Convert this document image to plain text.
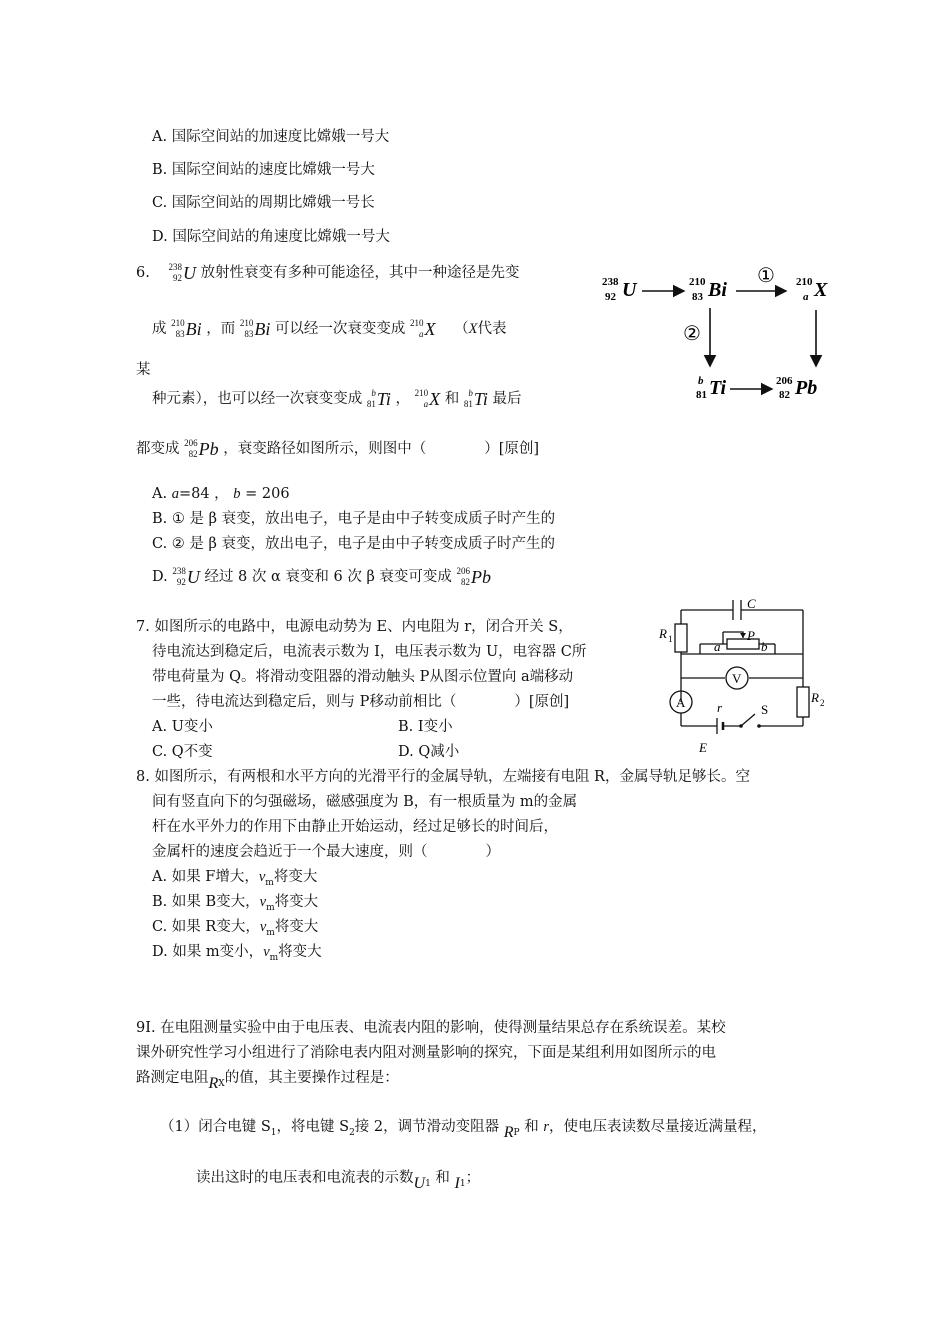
A. 国际空间站的加速度比嫦娥一号大
B. 国际空间站的速度比嫦娥一号大
C. 国际空间站的周期比嫦娥一号长
D. 国际空间站的角速度比嫦娥一号大
6. 238
92 U 放射性衰变有多种可能途径，其中一种途径是先变
成 210
83 Bi ，而 210
83 Bi 可以经一次衰变变成 210
a X （X代表
某
种元素），也可以经一次衰变变成	b
81 Ti ， 210
a X 和	b
81 Ti 最后
都变成 206
82 Pb ，衰变路径如图所示，则图中（　　　　）[原创]
A. a=84 ， b = 206
B. ① 是 β 衰变，放出电子，电子是由中子转变成质子时产生的
C. ② 是 β 衰变，放出电子，电子是由中子转变成质子时产生的
D. 238
92 U 经过 8 次 α 衰变和 6 次 β 衰变可变成 206
82 Pb
238
92 U	210
83 Bi
① 210
a X
②
b
81 Ti	206
82 Pb
7. 如图所示的电路中，电源电动势为 E、内电阻为 r，闭合开关 S，
待电流达到稳定后，电流表示数为 I，电压表示数为 U，电容器 C所
带电荷量为 Q。将滑动变阻器的滑动触头 P从图示位置向 a端移动
一些，待电流达到稳定后，则与 P移动前相比（　　　　）[原创]
A. U变小	B. I变小
C. Q不变	D. Q减小
C
R 1	P
a	b
V
A	R 2
r	S
E
8. 如图所示，有两根和水平方向的光滑平行的金属导轨，左端接有电阻 R，金属导轨足够长。空
间有竖直向下的匀强磁场，磁感强度为 B，有一根质量为 m的金属
杆在水平外力的作用下由静止开始运动，经过足够长的时间后，
金属杆的速度会趋近于一个最大速度，则（　　　　）
A. 如果 F增大，$v_m$将变大
B. 如果 B变大，$v_m$将变大
C. 如果 R变大，$v_m$将变大
D. 如果 m变小，$v_m$将变大
9Ⅰ. 在电阻测量实验中由于电压表、电流表内阻的影响，使得测量结果总存在系统误差。某校
课外研究性学习小组进行了消除电表内阻对测量影响的探究，下面是某组利用如图所示的电
路测定电阻$R_X$的值，其主要操作过程是：
（1）闭合电键 $S_1$，将电键 $S_2$接 2，调节滑动变阻器 $R_P$ 和 r，使电压表读数尽量接近满量程，
读出这时的电压表和电流表的示数$U_1$ 和 $I_1$；
